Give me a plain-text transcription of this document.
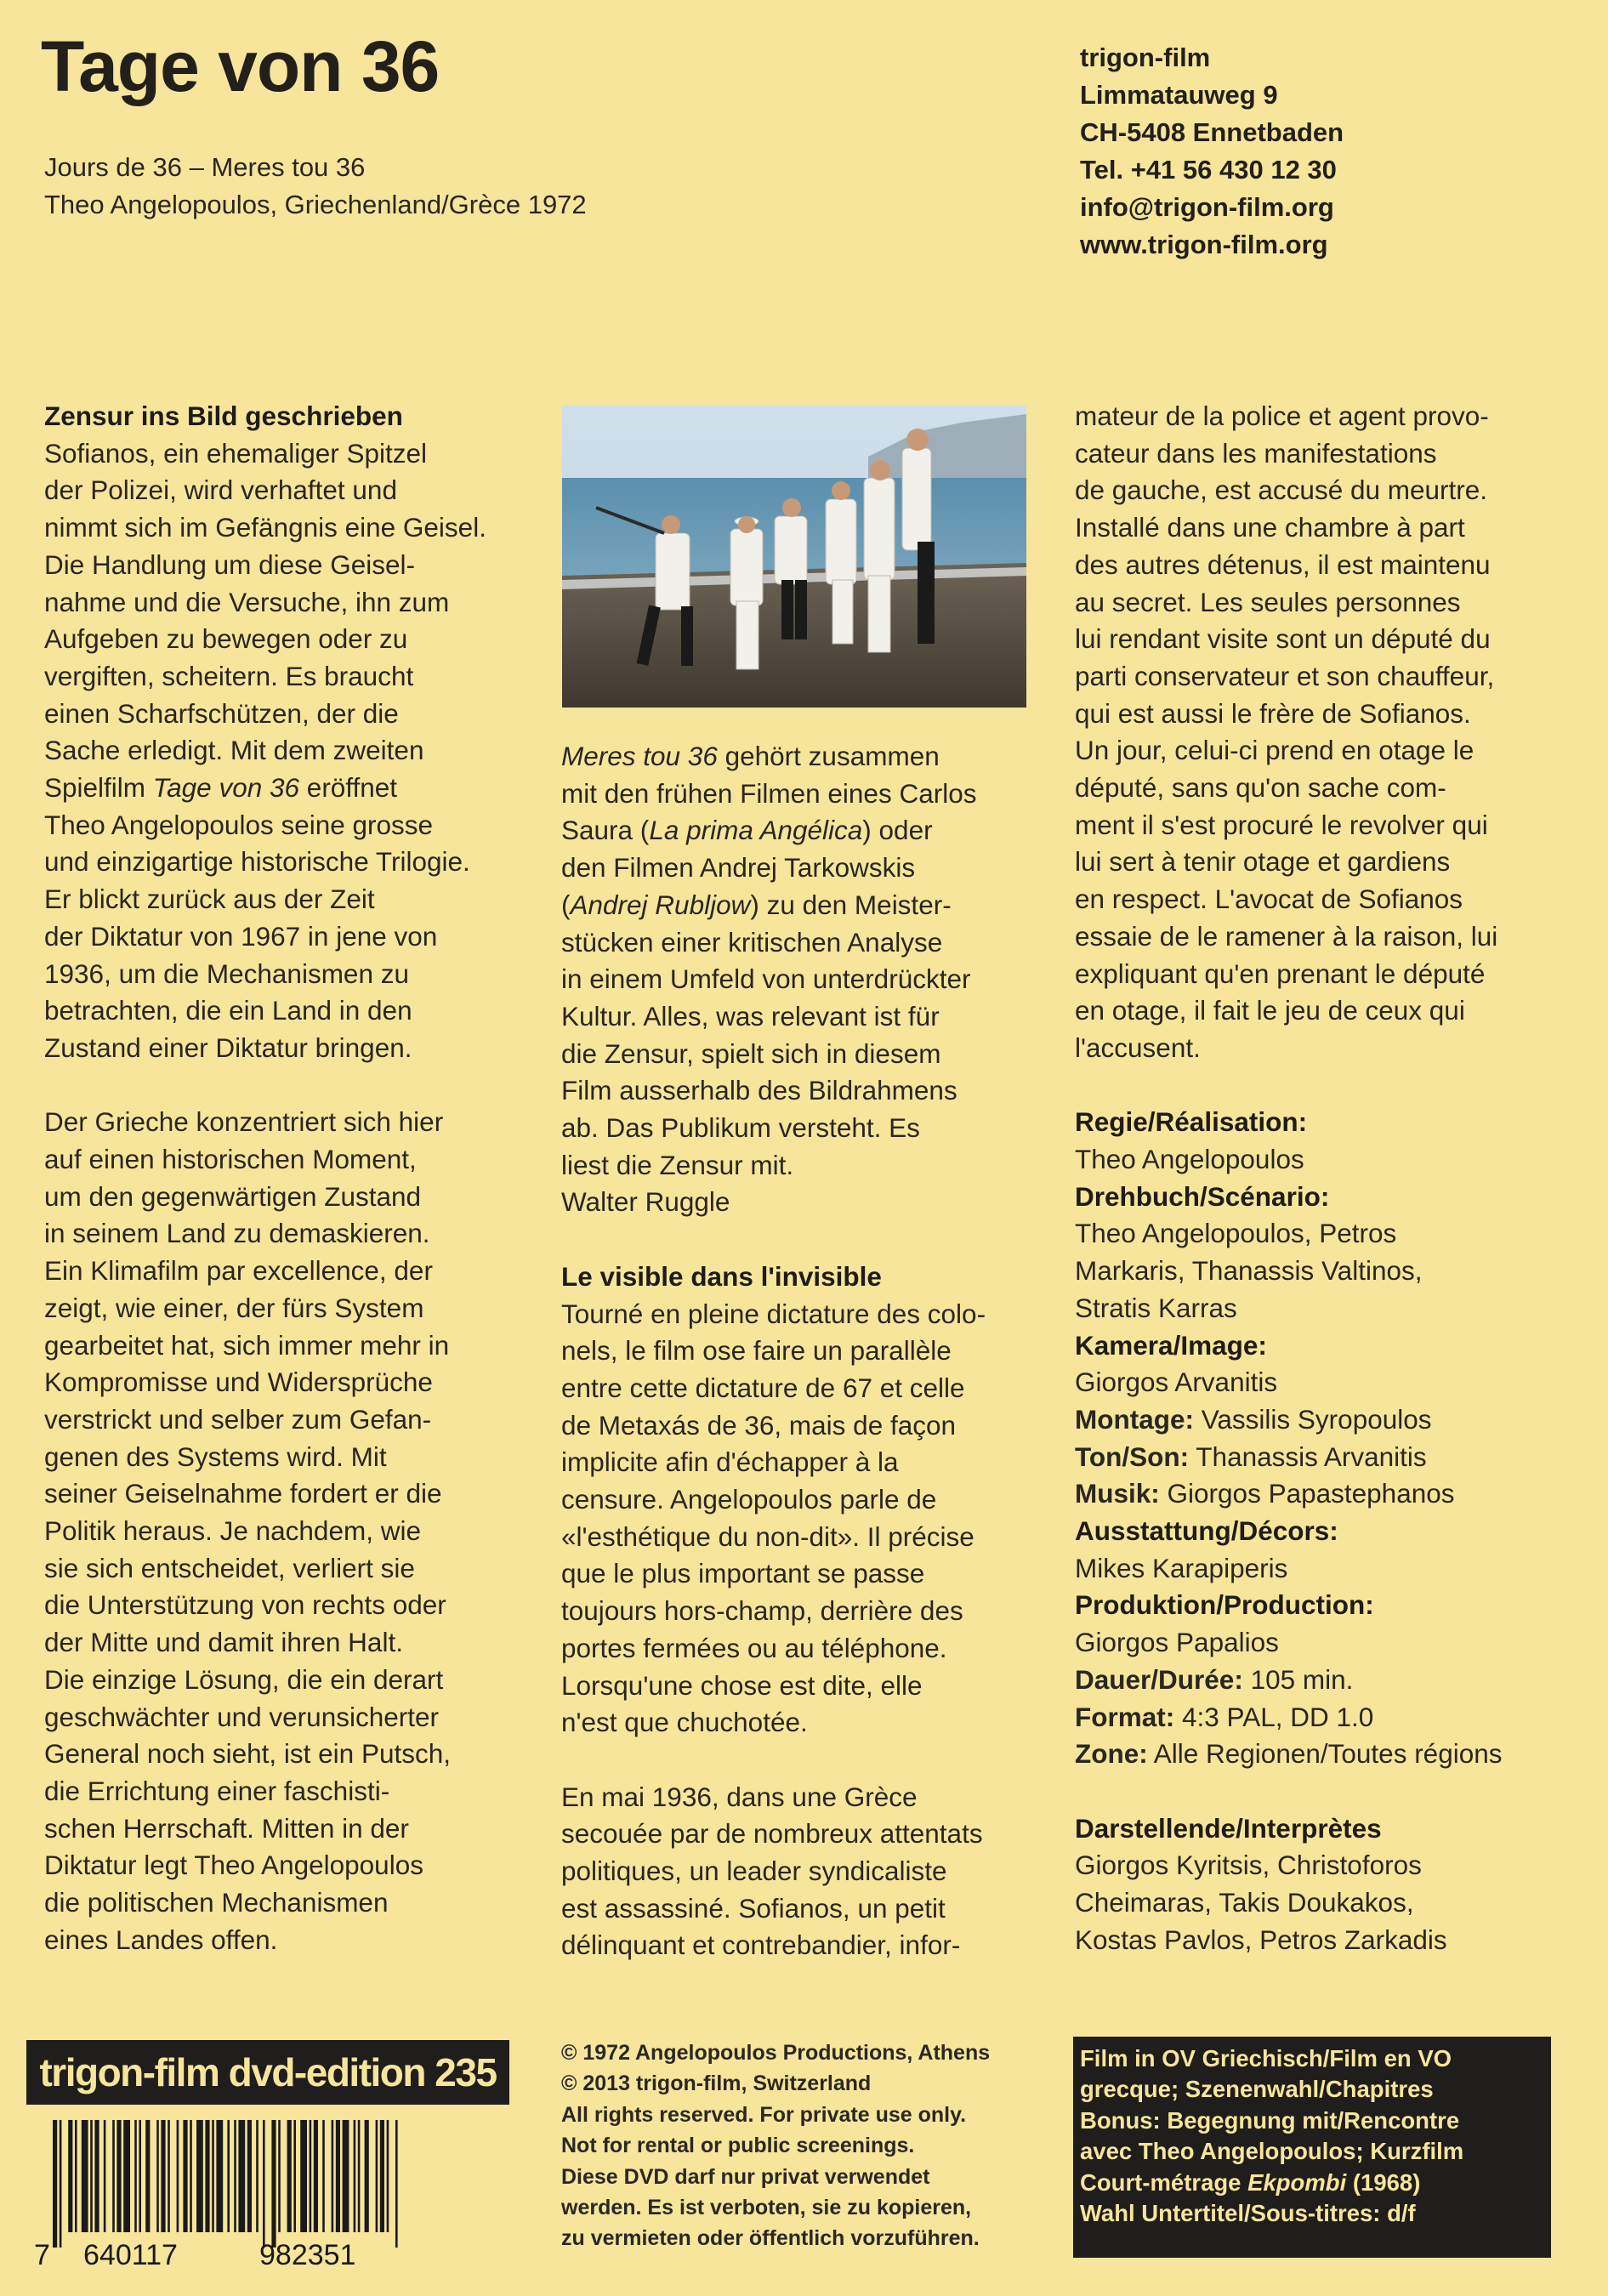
Tage von 36
Jours de 36 – Meres tou 36
Theo Angelopoulos, Griechenland/Grèce 1972
trigon-film
Limmatauweg 9
CH-5408 Ennetbaden
Tel. +41 56 430 12 30
info@trigon-film.org
www.trigon-film.org

Zensur ins Bild geschrieben

Sofianos, ein ehemaliger Spitzel

der Polizei, wird verhaftet und

nimmt sich im Gefängnis eine Geisel.

Die Handlung um diese Geisel-

nahme und die Versuche, ihn zum

Aufgeben zu bewegen oder zu

vergiften, scheitern. Es braucht

einen Scharfschützen, der die

Sache erledigt. Mit dem zweiten

Spielfilm Tage von 36 eröffnet

Theo Angelopoulos seine grosse

und einzigartige historische Trilogie.

Er blickt zurück aus der Zeit

der Diktatur von 1967 in jene von

1936, um die Mechanismen zu

betrachten, die ein Land in den

Zustand einer Diktatur bringen.

Der Grieche konzentriert sich hier

auf einen historischen Moment,

um den gegenwärtigen Zustand

in seinem Land zu demaskieren.

Ein Klimafilm par excellence, der

zeigt, wie einer, der fürs System

gearbeitet hat, sich immer mehr in

Kompromisse und Widersprüche

verstrickt und selber zum Gefan-

genen des Systems wird. Mit

seiner Geiselnahme fordert er die

Politik heraus. Je nachdem, wie

sie sich entscheidet, verliert sie

die Unterstützung von rechts oder

der Mitte und damit ihren Halt.

Die einzige Lösung, die ein derart

geschwächter und verunsicherter

General noch sieht, ist ein Putsch,

die Errichtung einer faschisti-

schen Herrschaft. Mitten in der

Diktatur legt Theo Angelopoulos

die politischen Mechanismen

eines Landes offen.

Meres tou 36 gehört zusammen

mit den frühen Filmen eines Carlos

Saura (La prima Angélica) oder

den Filmen Andrej Tarkowskis

(Andrej Rubljow) zu den Meister-

stücken einer kritischen Analyse

in einem Umfeld von unterdrückter

Kultur. Alles, was relevant ist für

die Zensur, spielt sich in diesem

Film ausserhalb des Bildrahmens

ab. Das Publikum versteht. Es

liest die Zensur mit.

Walter Ruggle

Le visible dans l'invisible

Tourné en pleine dictature des colo-

nels, le film ose faire un parallèle

entre cette dictature de 67 et celle

de Metaxás de 36, mais de façon

implicite afin d'échapper à la

censure. Angelopoulos parle de

«l'esthétique du non-dit». Il précise

que le plus important se passe

toujours hors-champ, derrière des

portes fermées ou au téléphone.

Lorsqu'une chose est dite, elle

n'est que chuchotée.

En mai 1936, dans une Grèce

secouée par de nombreux attentats

politiques, un leader syndicaliste

est assassiné. Sofianos, un petit

délinquant et contrebandier, infor-

mateur de la police et agent provo-

cateur dans les manifestations

de gauche, est accusé du meurtre.

Installé dans une chambre à part

des autres détenus, il est maintenu

au secret. Les seules personnes

lui rendant visite sont un député du

parti conservateur et son chauffeur,

qui est aussi le frère de Sofianos.

Un jour, celui-ci prend en otage le

député, sans qu'on sache com-

ment il s'est procuré le revolver qui

lui sert à tenir otage et gardiens

en respect. L'avocat de Sofianos

essaie de le ramener à la raison, lui

expliquant qu'en prenant le député

en otage, il fait le jeu de ceux qui

l'accusent.

Regie/Réalisation:

Theo Angelopoulos

Drehbuch/Scénario:

Theo Angelopoulos, Petros

Markaris, Thanassis Valtinos,

Stratis Karras

Kamera/Image:

Giorgos Arvanitis

Montage: Vassilis Syropoulos

Ton/Son: Thanassis Arvanitis

Musik: Giorgos Papastephanos

Ausstattung/Décors:

Mikes Karapiperis

Produktion/Production:

Giorgos Papalios

Dauer/Durée: 105 min.

Format: 4:3 PAL, DD 1.0

Zone: Alle Regionen/Toutes régions

Darstellende/Interprètes

Giorgos Kyritsis, Christoforos

Cheimaras, Takis Doukakos,

Kostas Pavlos, Petros Zarkadis

trigon-film dvd-edition 235
7 640117	982351

© 1972 Angelopoulos Productions, Athens

© 2013 trigon-film, Switzerland

All rights reserved. For private use only.

Not for rental or public screenings.

Diese DVD darf nur privat verwendet

werden. Es ist verboten, sie zu kopieren,

zu vermieten oder öffentlich vorzuführen.

Film in OV Griechisch/Film en VO

grecque; Szenenwahl/Chapitres

Bonus: Begegnung mit/Rencontre

avec Theo Angelopoulos; Kurzfilm

Court-métrage Ekpombi (1968)

Wahl Untertitel/Sous-titres: d/f
